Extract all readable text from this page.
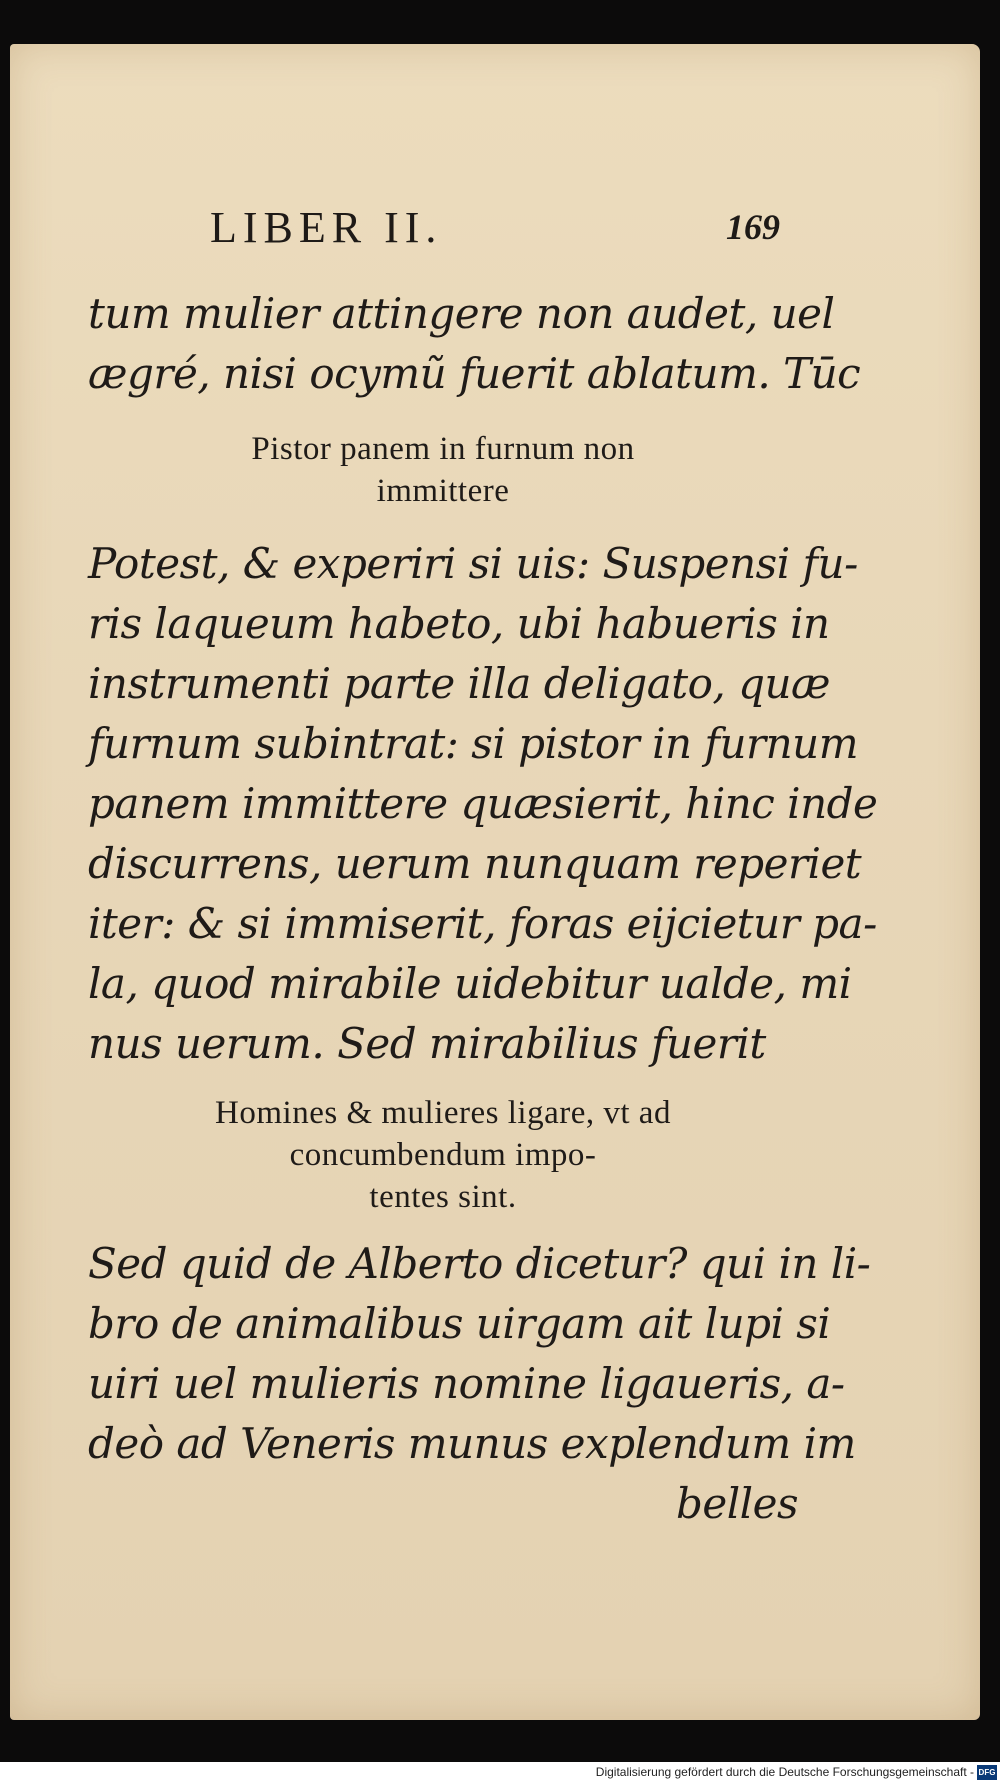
LIBER II.	169
tum mulier attingere non audet, uel
ægré, nisi ocymũ fuerit ablatum. Tūc
Pistor panem in furnum non
immittere
Potest, & experiri si uis: Suspensi fu-
ris laqueum habeto, ubi habueris in
instrumenti parte illa deligato, quæ
furnum subintrat: si pistor in furnum
panem immittere quæsierit, hinc inde
discurrens, uerum nunquam reperiet
iter: & si immiserit, foras eijcietur pa-
la, quod mirabile uidebitur ualde, mi
nus uerum. Sed mirabilius fuerit
Homines & mulieres ligare, vt ad
concumbendum impo-
tentes sint.
Sed quid de Alberto dicetur? qui in li-
bro de animalibus uirgam ait lupi si
uiri uel mulieris nomine ligaueris, a-
deò ad Veneris munus explendum im
belles
Digitalisierung gefördert durch die Deutsche Forschungsgemeinschaft - DFG
